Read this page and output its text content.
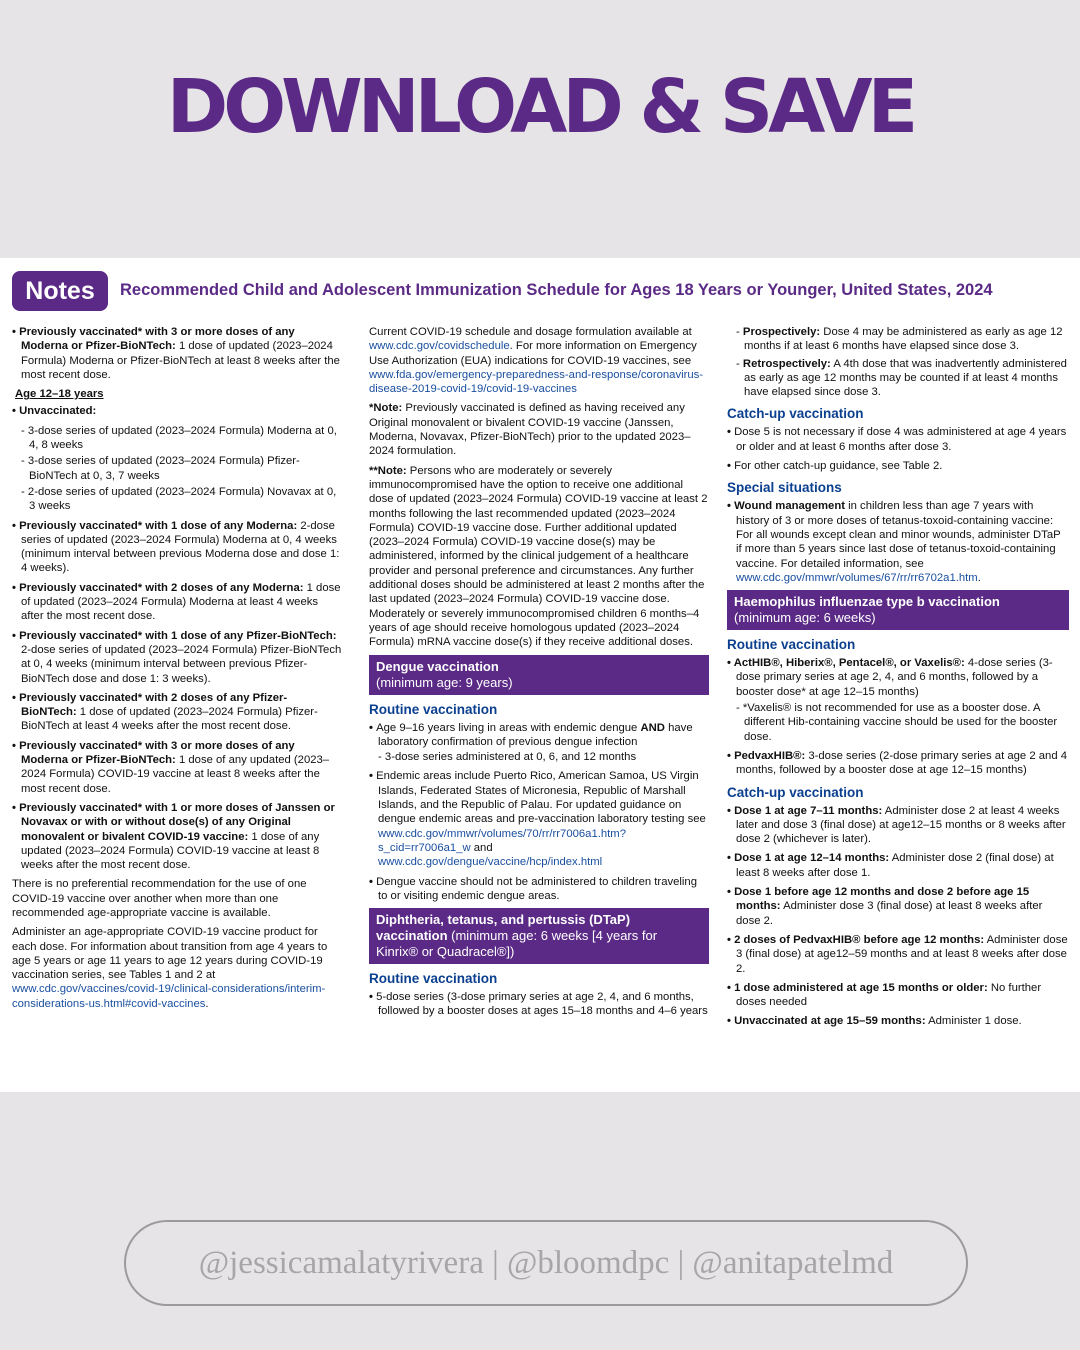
DOWNLOAD & SAVE
Notes	Recommended Child and Adolescent Immunization Schedule for Ages 18 Years or Younger, United States, 2024
• Previously vaccinated* with 3 or more doses of any Moderna or Pfizer-BioNTech: 1 dose of updated (2023–2024 Formula) Moderna or Pfizer-BioNTech at least 8 weeks after the most recent dose.
Age 12–18 years
• Unvaccinated:
- 3-dose series of updated (2023–2024 Formula) Moderna at 0, 4, 8 weeks
- 3-dose series of updated (2023–2024 Formula) Pfizer-BioNTech at 0, 3, 7 weeks
- 2-dose series of updated (2023–2024 Formula) Novavax at 0, 3 weeks
• Previously vaccinated* with 1 dose of any Moderna: 2-dose series of updated (2023–2024 Formula) Moderna at 0, 4 weeks (minimum interval between previous Moderna dose and dose 1: 4 weeks).
• Previously vaccinated* with 2 doses of any Moderna: 1 dose of updated (2023–2024 Formula) Moderna at least 4 weeks after the most recent dose.
• Previously vaccinated* with 1 dose of any Pfizer-BioNTech: 2-dose series of updated (2023–2024 Formula) Pfizer-BioNTech at 0, 4 weeks (minimum interval between previous Pfizer-BioNTech dose and dose 1: 3 weeks).
• Previously vaccinated* with 2 doses of any Pfizer-BioNTech: 1 dose of updated (2023–2024 Formula) Pfizer-BioNTech at least 4 weeks after the most recent dose.
• Previously vaccinated* with 3 or more doses of any Moderna or Pfizer-BioNTech: 1 dose of any updated (2023–2024 Formula) COVID-19 vaccine at least 8 weeks after the most recent dose.
• Previously vaccinated* with 1 or more doses of Janssen or Novavax or with or without dose(s) of any Original monovalent or bivalent COVID-19 vaccine: 1 dose of any updated (2023–2024 Formula) COVID-19 vaccine at least 8 weeks after the most recent dose.

There is no preferential recommendation for the use of one COVID-19 vaccine over another when more than one recommended age-appropriate vaccine is available.

Administer an age-appropriate COVID-19 vaccine product for each dose. For information about transition from age 4 years to age 5 years or age 11 years to age 12 years during COVID-19 vaccination series, see Tables 1 and 2 at www.cdc.gov/vaccines/covid-19/clinical-considerations/interim-considerations-us.html#covid-vaccines.

Current COVID-19 schedule and dosage formulation available at www.cdc.gov/covidschedule. For more information on Emergency Use Authorization (EUA) indications for COVID-19 vaccines, see www.fda.gov/emergency-preparedness-and-response/coronavirus-disease-2019-covid-19/covid-19-vaccines

*Note: Previously vaccinated is defined as having received any Original monovalent or bivalent COVID-19 vaccine (Janssen, Moderna, Novavax, Pfizer-BioNTech) prior to the updated 2023–2024 formulation.

**Note: Persons who are moderately or severely immunocompromised have the option to receive one additional dose of updated (2023–2024 Formula) COVID-19 vaccine at least 2 months following the last recommended updated (2023–2024 Formula) COVID-19 vaccine dose. Further additional updated (2023–2024 Formula) COVID-19 vaccine dose(s) may be administered, informed by the clinical judgement of a healthcare provider and personal preference and circumstances. Any further additional doses should be administered at least 2 months after the last updated (2023–2024 Formula) COVID-19 vaccine dose. Moderately or severely immunocompromised children 6 months–4 years of age should receive homologous updated (2023–2024 Formula) mRNA vaccine dose(s) if they receive additional doses.

Dengue vaccination
(minimum age: 9 years)
Routine vaccination
• Age 9–16 years living in areas with endemic dengue AND have laboratory confirmation of previous dengue infection
- 3-dose series administered at 0, 6, and 12 months
• Endemic areas include Puerto Rico, American Samoa, US Virgin Islands, Federated States of Micronesia, Republic of Marshall Islands, and the Republic of Palau. For updated guidance on dengue endemic areas and pre-vaccination laboratory testing see www.cdc.gov/mmwr/volumes/70/rr/rr7006a1.htm?s_cid=rr7006a1_w and www.cdc.gov/dengue/vaccine/hcp/index.html
• Dengue vaccine should not be administered to children traveling to or visiting endemic dengue areas.
Diphtheria, tetanus, and pertussis (DTaP) vaccination (minimum age: 6 weeks [4 years for Kinrix® or Quadracel®])
Routine vaccination
• 5-dose series (3-dose primary series at age 2, 4, and 6 months, followed by a booster doses at ages 15–18 months and 4–6 years
- Prospectively: Dose 4 may be administered as early as age 12 months if at least 6 months have elapsed since dose 3.
- Retrospectively: A 4th dose that was inadvertently administered as early as age 12 months may be counted if at least 4 months have elapsed since dose 3.
Catch-up vaccination
• Dose 5 is not necessary if dose 4 was administered at age 4 years or older and at least 6 months after dose 3.
• For other catch-up guidance, see Table 2.
Special situations
• Wound management in children less than age 7 years with history of 3 or more doses of tetanus-toxoid-containing vaccine: For all wounds except clean and minor wounds, administer DTaP if more than 5 years since last dose of tetanus-toxoid-containing vaccine. For detailed information, see www.cdc.gov/mmwr/volumes/67/rr/rr6702a1.htm.
Haemophilus influenzae type b vaccination
(minimum age: 6 weeks)
Routine vaccination
• ActHIB®, Hiberix®, Pentacel®, or Vaxelis®: 4-dose series (3-dose primary series at age 2, 4, and 6 months, followed by a booster dose* at age 12–15 months)
- *Vaxelis® is not recommended for use as a booster dose. A different Hib-containing vaccine should be used for the booster dose.
• PedvaxHIB®: 3-dose series (2-dose primary series at age 2 and 4 months, followed by a booster dose at age 12–15 months)
Catch-up vaccination
• Dose 1 at age 7–11 months: Administer dose 2 at least 4 weeks later and dose 3 (final dose) at age12–15 months or 8 weeks after dose 2 (whichever is later).
• Dose 1 at age 12–14 months: Administer dose 2 (final dose) at least 8 weeks after dose 1.
• Dose 1 before age 12 months and dose 2 before age 15 months: Administer dose 3 (final dose) at least 8 weeks after dose 2.
• 2 doses of PedvaxHIB® before age 12 months: Administer dose 3 (final dose) at age12–59 months and at least 8 weeks after dose 2.
• 1 dose administered at age 15 months or older: No further doses needed
• Unvaccinated at age 15–59 months: Administer 1 dose.
@jessicamalatyrivera | @bloomdpc | @anitapatelmd
